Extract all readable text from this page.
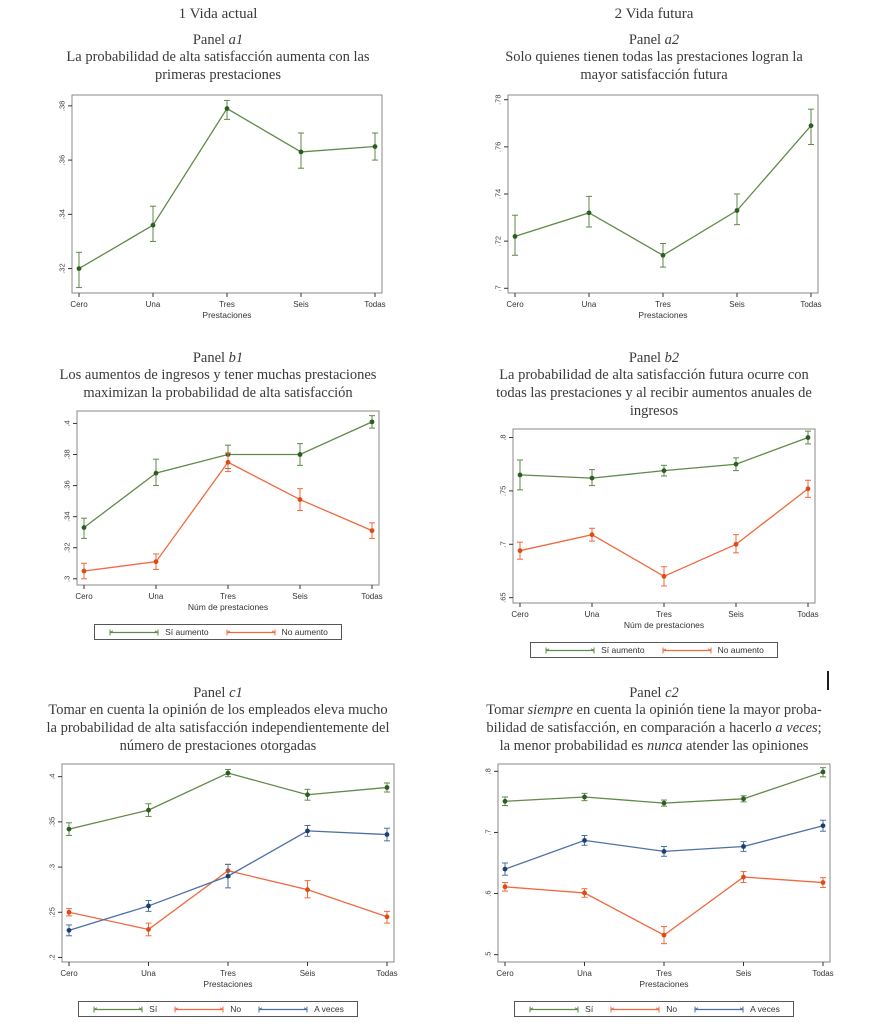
1 Vida actual
Panel a1
La probabilidad de alta satisfacción aumenta con las
primeras prestaciones
.32
.34
.36
.38
Cero	Una	Tres	Seis	Todas
Prestaciones
2 Vida futura
Panel a2
Solo quienes tienen todas las prestaciones logran la
mayor satisfacción futura
.7
.72
.74
.76
.78
Cero	Una	Tres	Seis	Todas
Prestaciones
Panel b1
Los aumentos de ingresos y tener muchas prestaciones
maximizan la probabilidad de alta satisfacción
.3
.32
.34
.36
.38
.4
Cero	Una	Tres	Seis	Todas
Núm de prestaciones
Sí aumento	No aumento
Panel b2
La probabilidad de alta satisfacción futura ocurre con
todas las prestaciones y al recibir aumentos anuales de
ingresos
.65
.7
.75
.8
Cero	Una	Tres	Seis	Todas
Núm de prestaciones
Sí aumento	No aumento
Panel c1
Tomar en cuenta la opinión de los empleados eleva mucho
la probabilidad de alta satisfacción independientemente del
número de prestaciones otorgadas
.2
.25
.3
.35
.4
Cero	Una	Tres	Seis	Todas
Prestaciones
Sí	No	A veces
Panel c2
Tomar siempre en cuenta la opinión tiene la mayor proba-
bilidad de satisfacción, en comparación a hacerlo a veces;
la menor probabilidad es nunca atender las opiniones
.5
.6
.7
.8
Cero	Una	Tres	Seis	Todas
Prestaciones
Sí	No	A veces
